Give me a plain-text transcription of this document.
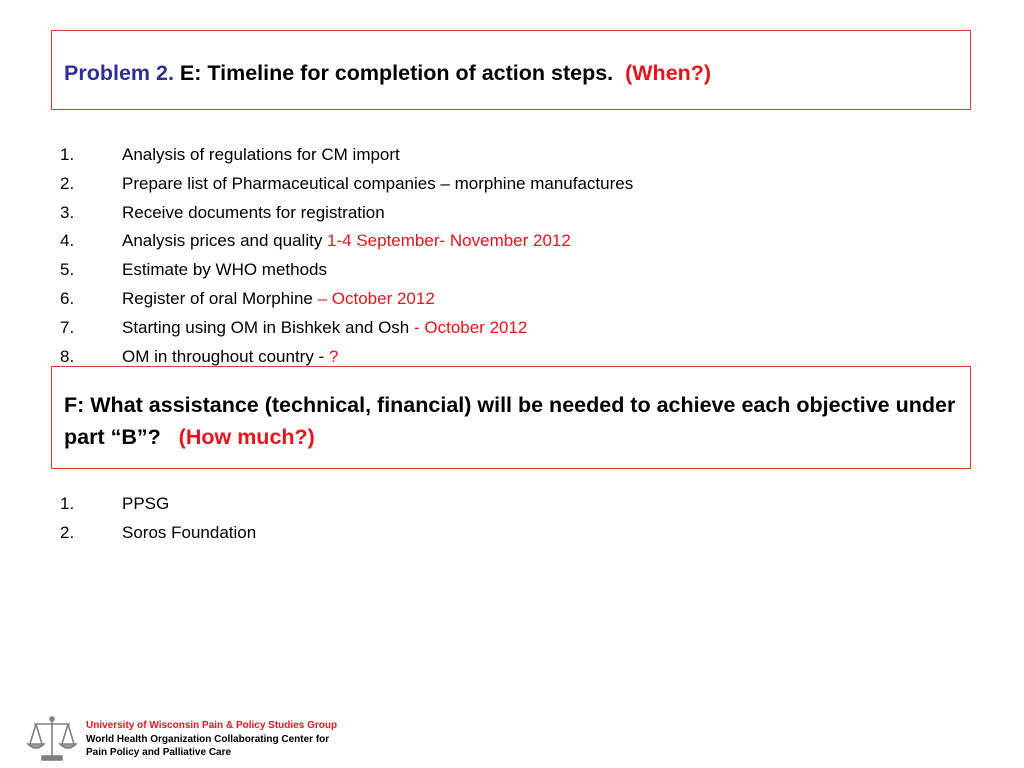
Problem 2. E: Timeline for completion of action steps. (When?)
1.	Analysis of regulations for CM import
2.	Prepare list of Pharmaceutical companies – morphine manufactures
3.	Receive documents for registration
4.	Analysis prices and quality 1-4 September- November 2012
5.	Estimate by WHO methods
6.	Register of oral Morphine – October 2012
7.	Starting using OM in Bishkek and Osh - October 2012
8.	OM in throughout country - ?
F: What assistance (technical, financial) will be needed to achieve each objective under part “B”? (How much?)
1.	PPSG
2.	Soros Foundation
University of Wisconsin Pain & Policy Studies Group
World Health Organization Collaborating Center for
Pain Policy and Palliative Care
